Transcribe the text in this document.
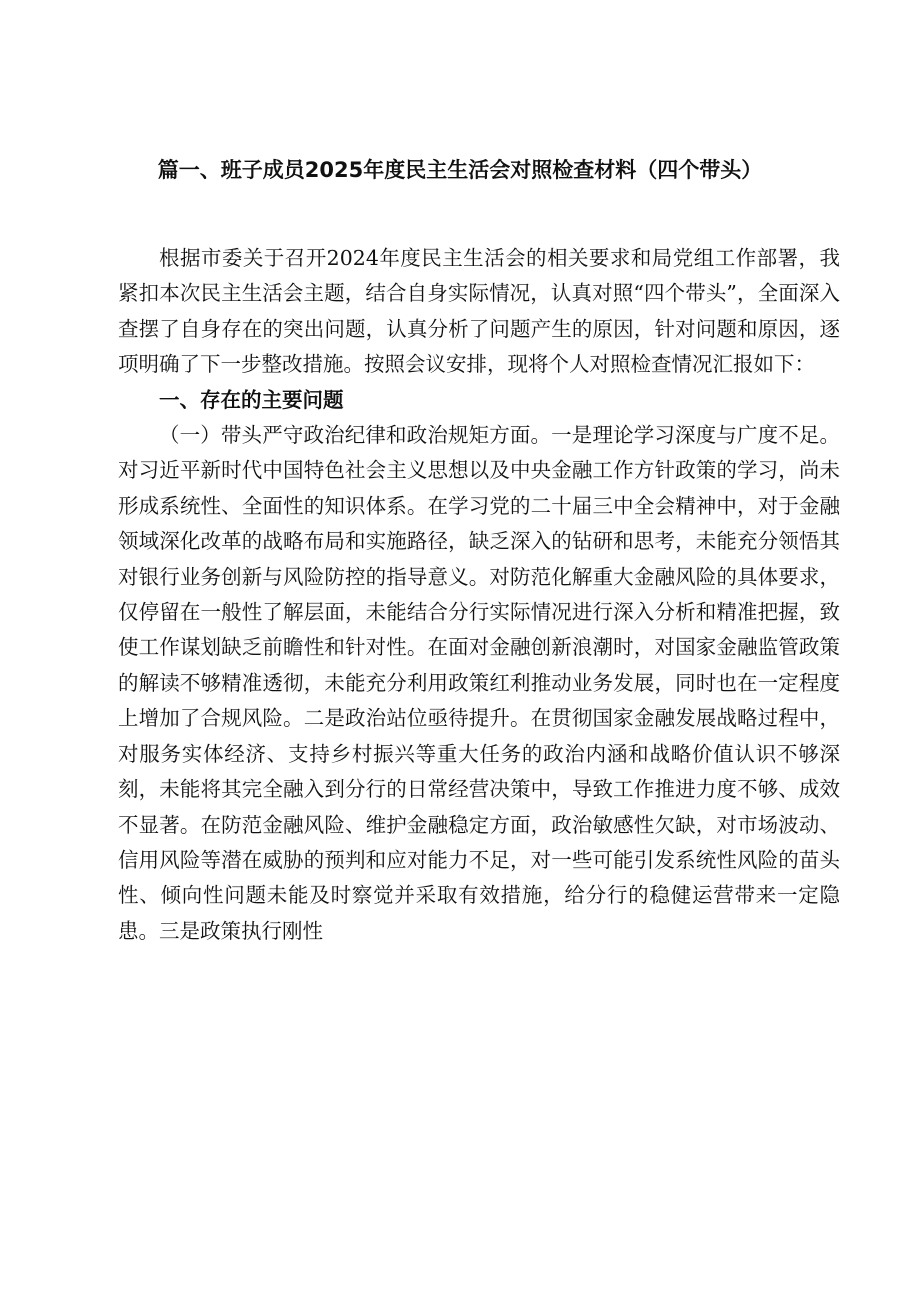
篇一、班子成员2025年度民主生活会对照检查材料（四个带头）

根据市委关于召开2024年度民主生活会的相关要求和局党组工作部署，我紧扣本次民主生活会主题，结合自身实际情况，认真对照“四个带头”，全面深入查摆了自身存在的突出问题，认真分析了问题产生的原因，针对问题和原因，逐项明确了下一步整改措施。按照会议安排，现将个人对照检查情况汇报如下：

一、存在的主要问题

（一）带头严守政治纪律和政治规矩方面。一是理论学习深度与广度不足。对习近平新时代中国特色社会主义思想以及中央金融工作方针政策的学习，尚未形成系统性、全面性的知识体系。在学习党的二十届三中全会精神中，对于金融领域深化改革的战略布局和实施路径，缺乏深入的钻研和思考，未能充分领悟其对银行业务创新与风险防控的指导意义。对防范化解重大金融风险的具体要求，仅停留在一般性了解层面，未能结合分行实际情况进行深入分析和精准把握，致使工作谋划缺乏前瞻性和针对性。在面对金融创新浪潮时，对国家金融监管政策的解读不够精准透彻，未能充分利用政策红利推动业务发展，同时也在一定程度上增加了合规风险。二是政治站位亟待提升。在贯彻国家金融发展战略过程中，对服务实体经济、支持乡村振兴等重大任务的政治内涵和战略价值认识不够深刻，未能将其完全融入到分行的日常经营决策中，导致工作推进力度不够、成效不显著。在防范金融风险、维护金融稳定方面，政治敏感性欠缺，对市场波动、信用风险等潜在威胁的预判和应对能力不足，对一些可能引发系统性风险的苗头性、倾向性问题未能及时察觉并采取有效措施，给分行的稳健运营带来一定隐患。三是政策执行刚性
